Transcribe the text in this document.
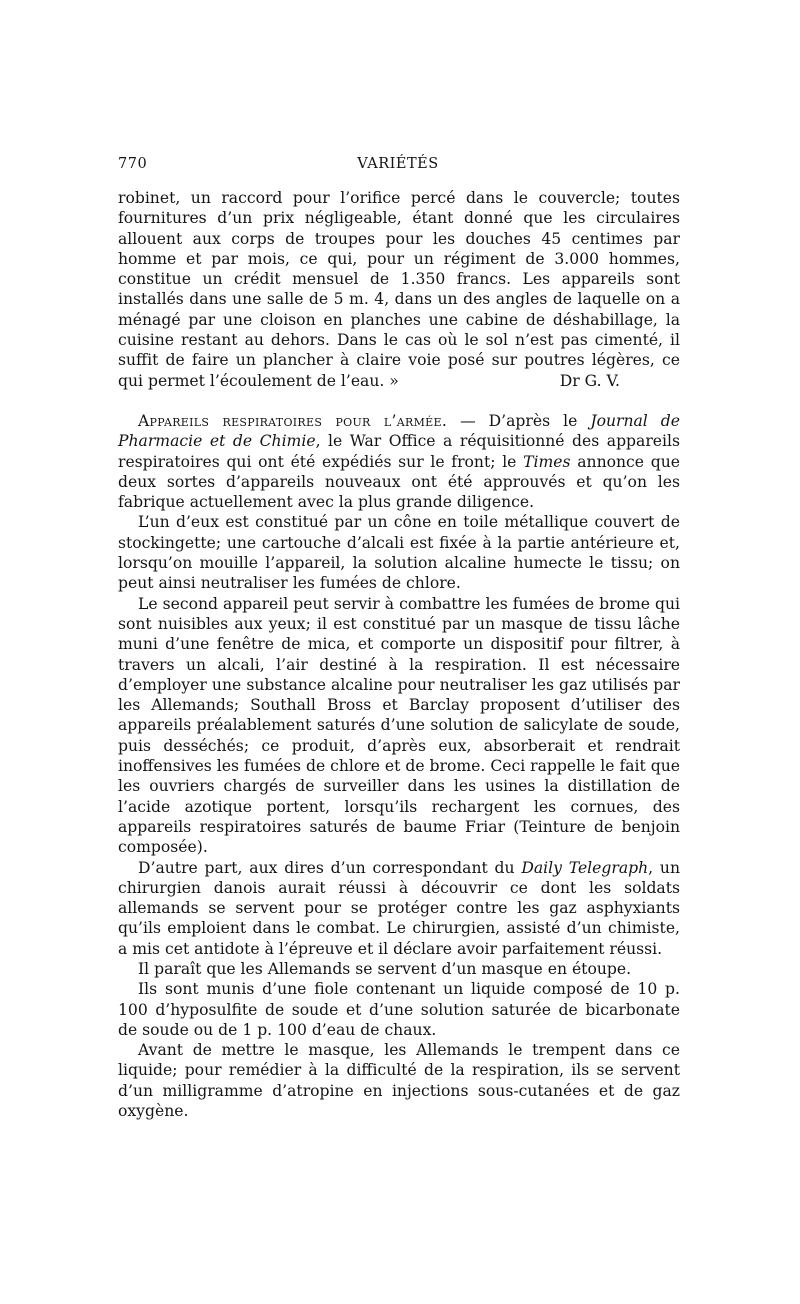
770	VARIÉTÉS

robinet, un raccord pour l’orifice percé dans le couvercle; toutes fournitures d’un prix négligeable, étant donné que les circulaires allouent aux corps de troupes pour les douches 45 centimes par homme et par mois, ce qui, pour un régiment de 3.000 hommes, constitue un crédit mensuel de 1.350 francs. Les appareils sont installés dans une salle de 5 m. 4, dans un des angles de laquelle on a ménagé par une cloison en planches une cabine de déshabillage, la cuisine restant au dehors. Dans le cas où le sol n’est pas cimenté, il suffit de faire un plancher à claire voie posé sur poutres légères, ce qui permet l’écoulement de l’eau. »	Dr G. V.

Appareils respiratoires pour l’armée. — D’après le Journal de Pharmacie et de Chimie, le War Office a réquisitionné des appareils respiratoires qui ont été expédiés sur le front; le Times annonce que deux sortes d’appareils nouveaux ont été approuvés et qu’on les fabrique actuellement avec la plus grande diligence.

L’un d’eux est constitué par un cône en toile métallique couvert de stockingette; une cartouche d’alcali est fixée à la partie antérieure et, lorsqu’on mouille l’appareil, la solution alcaline humecte le tissu; on peut ainsi neutraliser les fumées de chlore.

Le second appareil peut servir à combattre les fumées de brome qui sont nuisibles aux yeux; il est constitué par un masque de tissu lâche muni d’une fenêtre de mica, et comporte un dispositif pour filtrer, à travers un alcali, l’air destiné à la respiration. Il est nécessaire d’employer une substance alcaline pour neutraliser les gaz utilisés par les Allemands; Southall Bross et Barclay proposent d’utiliser des appareils préalablement saturés d’une solution de salicylate de soude, puis desséchés; ce produit, d’après eux, absorberait et rendrait inoffensives les fumées de chlore et de brome. Ceci rappelle le fait que les ouvriers chargés de surveiller dans les usines la distillation de l’acide azotique portent, lorsqu’ils rechargent les cornues, des appareils respiratoires saturés de baume Friar (Teinture de benjoin composée).

D’autre part, aux dires d’un correspondant du Daily Telegraph, un chirurgien danois aurait réussi à découvrir ce dont les soldats allemands se servent pour se protéger contre les gaz asphyxiants qu’ils emploient dans le combat. Le chirurgien, assisté d’un chimiste, a mis cet antidote à l’épreuve et il déclare avoir parfaitement réussi.

Il paraît que les Allemands se servent d’un masque en étoupe.

Ils sont munis d’une fiole contenant un liquide composé de 10 p. 100 d’hyposulfite de soude et d’une solution saturée de bicarbonate de soude ou de 1 p. 100 d’eau de chaux.

Avant de mettre le masque, les Allemands le trempent dans ce liquide; pour remédier à la difficulté de la respiration, ils se servent d’un milligramme d’atropine en injections sous-cutanées et de gaz oxygène.
